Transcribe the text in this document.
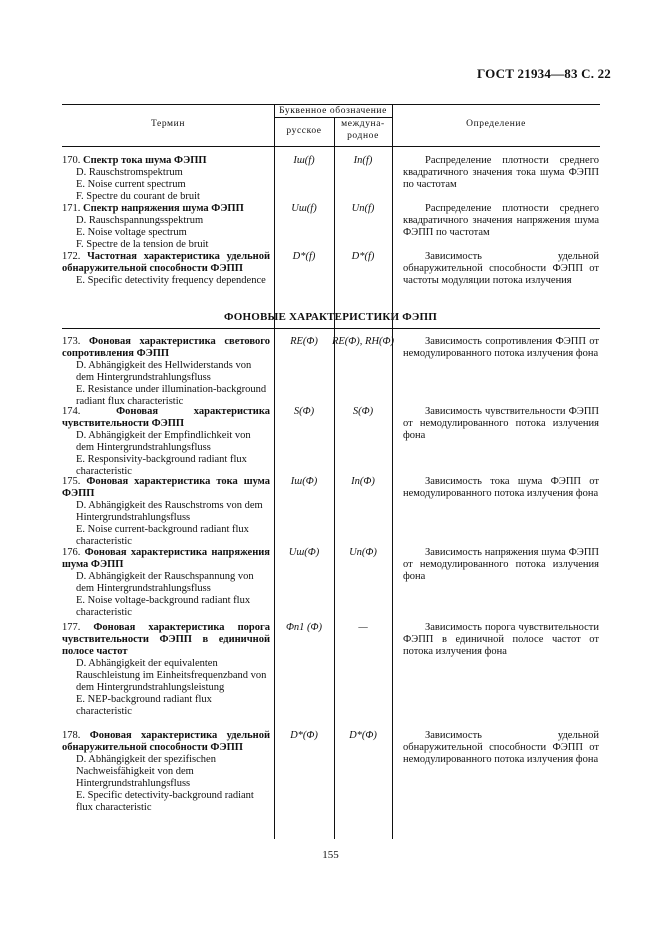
ГОСТ 21934—83 С. 22
Термин
Буквенное обозначение
русское
междуна-
родное
Определение
170. Спектр тока шума ФЭПП
D. Rauschstromspektrum
E. Noise current spectrum
F. Spectre du courant de bruit
Iш(f)	In(f)	Распределение плотности среднего квадратичного значения тока шума ФЭПП по частотам
171. Спектр напряжения шума ФЭПП
D. Rauschspannungsspektrum
E. Noise voltage spectrum
F. Spectre de la tension de bruit
Uш(f)	Un(f)	Распределение плотности среднего квадратичного значения напряжения шума ФЭПП по частотам
172. Частотная характеристика удельной обнаружительной способности ФЭПП
E. Specific detectivity frequency dependence
D*(f)	D*(f)	Зависимость удельной обнаружительной способности ФЭПП от частоты модуляции потока излучения
ФОНОВЫЕ ХАРАКТЕРИСТИКИ ФЭПП
173. Фоновая характеристика светового сопротивления ФЭПП
D. Abhängigkeit des Hellwiderstands von dem Hintergrundstrahlungsfluss
E. Resistance under illumination-background radiant flux characteristic
RE(Φ)	RE(Φ), RH(Φ)	Зависимость сопротивления ФЭПП от немодулированного потока излучения фона
174.	Фоновая характеристика чувствительности ФЭПП
D. Abhängigkeit der Empfindlichkeit von dem Hintergrundstrahlungsfluss
E. Responsivity-background radiant flux characteristic
S(Φ)	S(Φ)	Зависимость чувствительности ФЭПП от немодулированного потока излучения фона
175. Фоновая характеристика тока шума ФЭПП
D. Abhängigkeit des Rauschstroms von dem Hintergrundstrahlungsfluss
E. Noise current-background radiant flux characteristic
Iш(Φ)	In(Φ)	Зависимость тока шума ФЭПП от немодулированного потока излучения фона
176. Фоновая характеристика напряжения шума ФЭПП
D. Abhängigkeit der Rauschspannung von dem Hintergrundstrahlungsfluss
E. Noise voltage-background radiant flux characteristic
Uш(Φ)	Un(Φ)	Зависимость напряжения шума ФЭПП от немодулированного потока излучения фона
177. Фоновая характеристика порога чувствительности ФЭПП в единичной полосе частот
D. Abhängigkeit der equivalenten Rauschleistung im Einheitsfrequenzband von dem Hintergrundstrahlungsleistung
E. NEP-background radiant flux characteristic
Φп1 (Φ)	—	Зависимость порога чувствительности ФЭПП в единичной полосе частот от потока излучения фона
178. Фоновая характеристика удельной обнаружительной способности ФЭПП
D. Abhängigkeit der spezifischen Nachweisfähigkeit von dem Hintergrundstrahlungsfluss
E. Specific detectivity-background radiant flux characteristic
D*(Φ)	D*(Φ)	Зависимость удельной обнаружительной способности ФЭПП от немодулированного потока излучения фона
155
